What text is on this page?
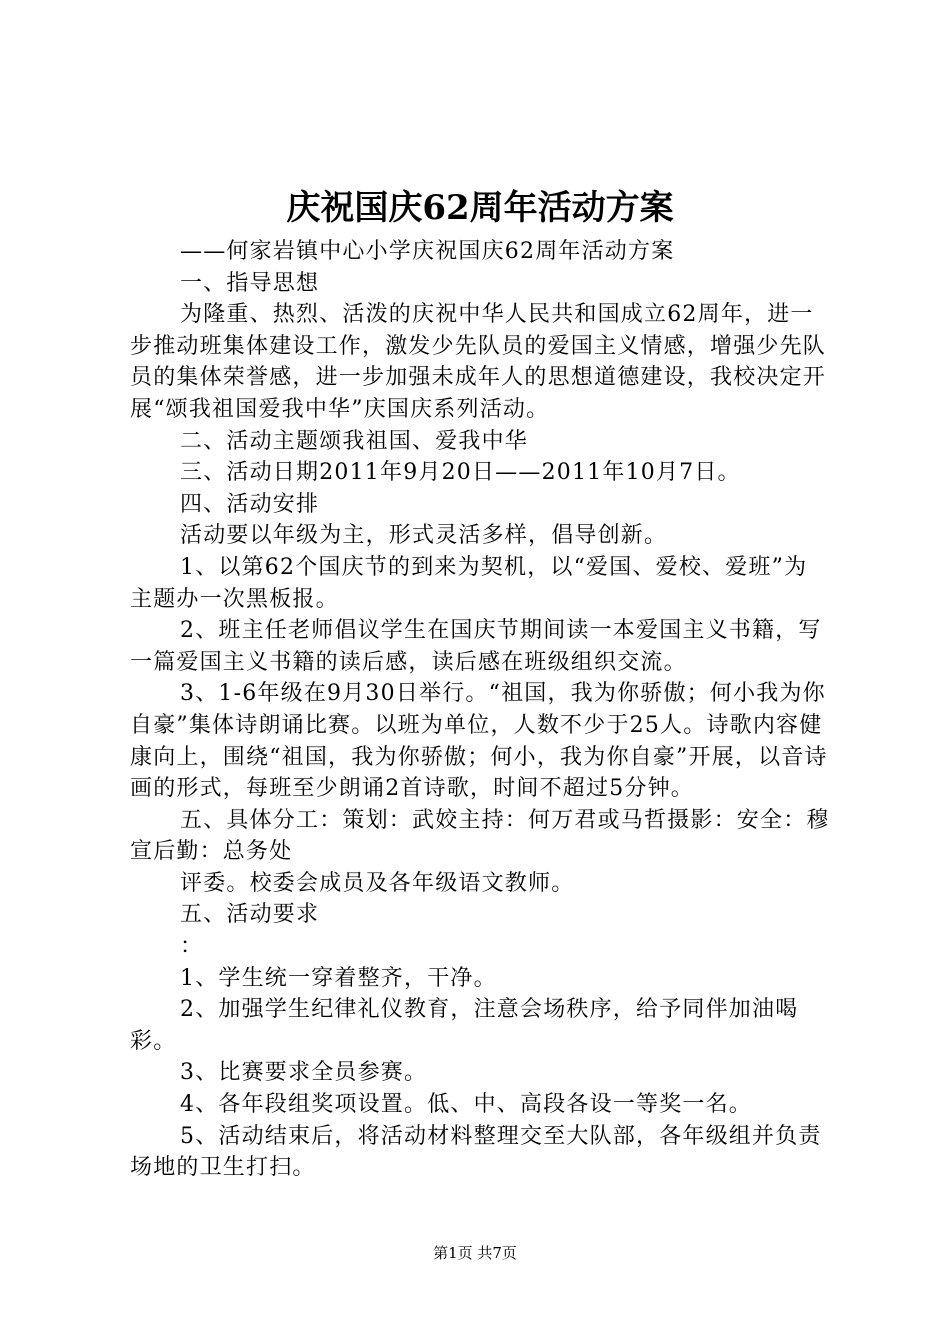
庆祝国庆62周年活动方案

——何家岩镇中心小学庆祝国庆62周年活动方案

一、指导思想

为隆重、热烈、活泼的庆祝中华人民共和国成立62周年，进一步推动班集体建设工作，激发少先队员的爱国主义情感，增强少先队员的集体荣誉感，进一步加强未成年人的思想道德建设，我校决定开展“颂我祖国爱我中华”庆国庆系列活动。

二、活动主题颂我祖国、爱我中华

三、活动日期2011年9月20日——2011年10月7日。

四、活动安排

活动要以年级为主，形式灵活多样，倡导创新。

1、以第62个国庆节的到来为契机，以“爱国、爱校、爱班”为主题办一次黑板报。

2、班主任老师倡议学生在国庆节期间读一本爱国主义书籍，写一篇爱国主义书籍的读后感，读后感在班级组织交流。

3、1-6年级在9月30日举行。“祖国，我为你骄傲；何小我为你自豪”集体诗朗诵比赛。以班为单位，人数不少于25人。诗歌内容健康向上，围绕“祖国，我为你骄傲；何小，我为你自豪”开展，以音诗画的形式，每班至少朗诵2首诗歌，时间不超过5分钟。

五、具体分工：策划：武姣主持：何万君或马哲摄影：安全：穆宣后勤：总务处

评委。校委会成员及各年级语文教师。

五、活动要求

：

1、学生统一穿着整齐，干净。

2、加强学生纪律礼仪教育，注意会场秩序，给予同伴加油喝彩。

3、比赛要求全员参赛。

4、各年段组奖项设置。低、中、高段各设一等奖一名。

5、活动结束后，将活动材料整理交至大队部，各年级组并负责场地的卫生打扫。

第1页 共7页
